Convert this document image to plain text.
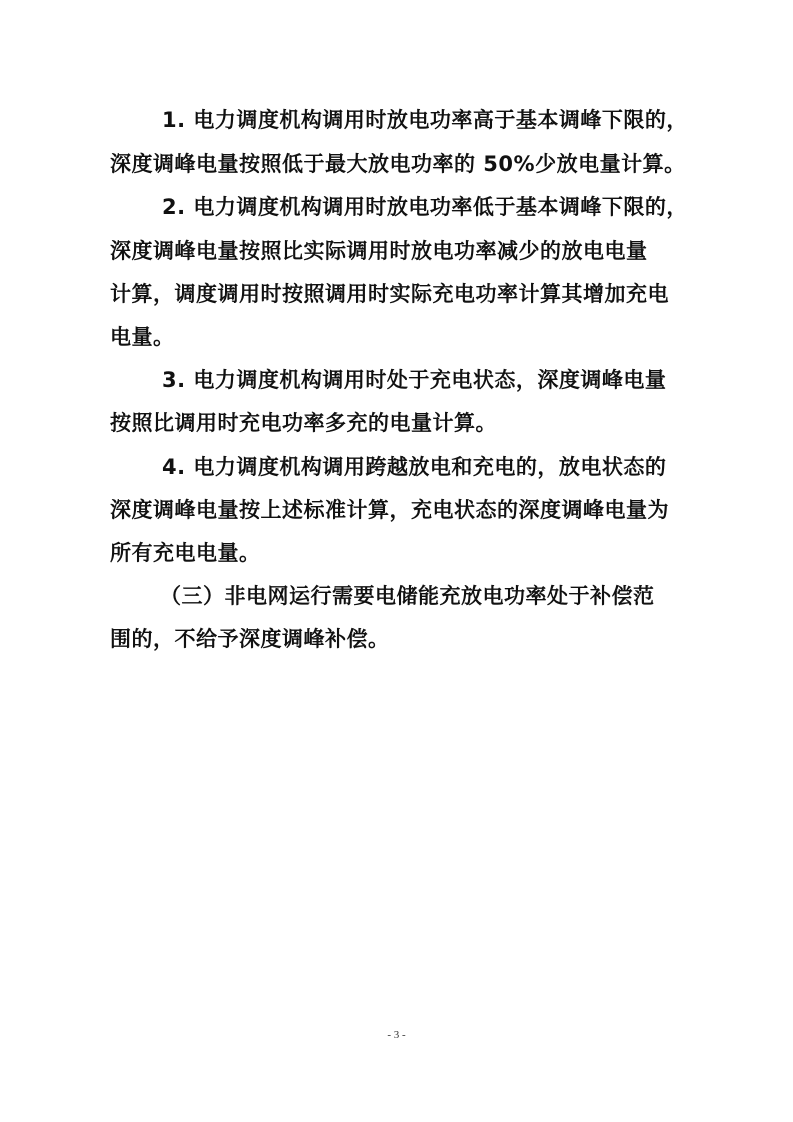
1. 电力调度机构调用时放电功率高于基本调峰下限的，
深度调峰电量按照低于最大放电功率的 50%少放电量计算。
2. 电力调度机构调用时放电功率低于基本调峰下限的，
深度调峰电量按照比实际调用时放电功率减少的放电电量
计算，调度调用时按照调用时实际充电功率计算其增加充电
电量。
3. 电力调度机构调用时处于充电状态，深度调峰电量
按照比调用时充电功率多充的电量计算。
4. 电力调度机构调用跨越放电和充电的，放电状态的
深度调峰电量按上述标准计算，充电状态的深度调峰电量为
所有充电电量。
（三）非电网运行需要电储能充放电功率处于补偿范
围的，不给予深度调峰补偿。
- 3 -
